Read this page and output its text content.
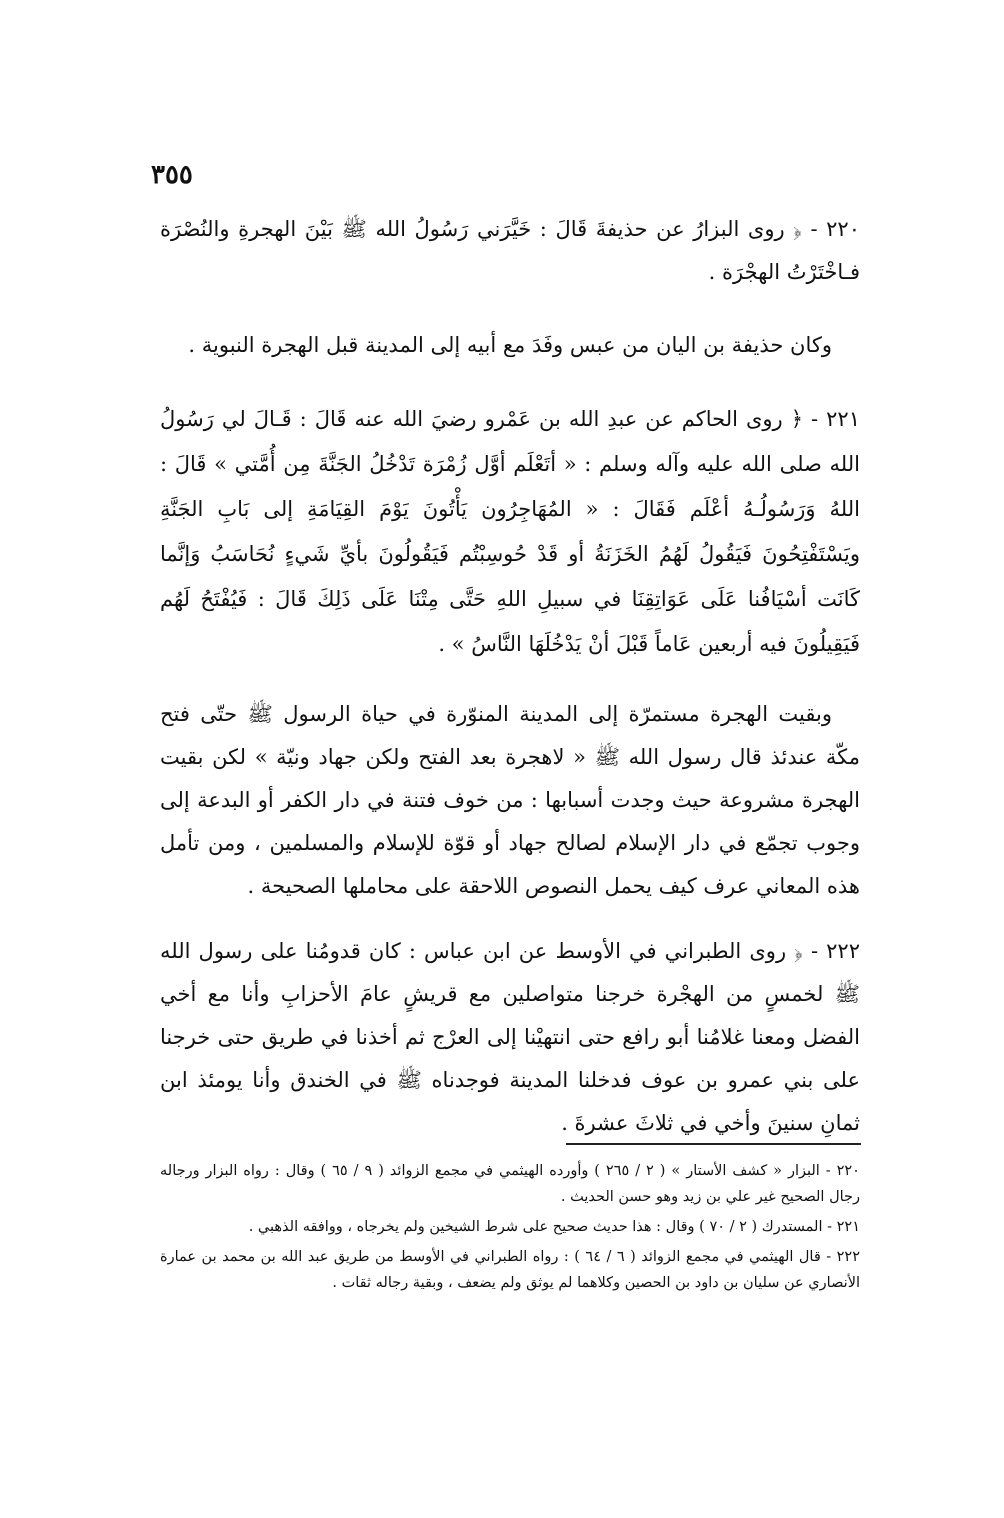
٣٥٥

٢٢٠ - ﴿ روى البزارُ عن حذيفةَ قَالَ : خَيَّرَني رَسُولُ الله ﷺ بَيْنَ الهجرةِ والنُصْرَة فـاخْتَرْتُ الهجْرَة .

وكان حذيفة بن اليان من عبس وفَدَ مع أبيه إلى المدينة قبل الهجرة النبوية .

٢٢١ - ﴿ روى الحاكم عن عبدِ الله بن عَمْرو رضيَ الله عنه قَالَ : قَـالَ لي رَسُولُ الله صلى الله عليه وآله وسلم : « أتَعْلَم أوَّل زُمْرَة تَدْخُلُ الجَنَّةَ مِن أُمَّتي » قَالَ : اللهُ وَرَسُولُـهُ أعْلَم فَقَالَ : « المُهَاجِرُون يَأْتُونَ يَوْمَ القِيَامَةِ إلى بَابِ الجَنَّةِ ويَسْتَفْتِحُونَ فَيَقُولُ لَهُمُ الخَزَنَةُ أو قَدْ حُوسِبْتُم فَيَقُولُونَ بأيِّ شَيءٍ نُحَاسَبُ وَإنَّما كَانَت أسْيَافُنا عَلَى عَوَاتِقِنَا في سبيلِ اللهِ حَتَّى مِتْنَا عَلَى ذَلِكَ قَالَ : فَيُفْتَحُ لَهُم فَيَقِيلُونَ فيه أربعين عَاماً قَبْلَ أنْ يَدْخُلَهَا النَّاسُ » .

وبقيت الهجرة مستمرّة إلى المدينة المنوّرة في حياة الرسول ﷺ حتّى فتح مكّة عندئذ قال رسول الله ﷺ « لاهجرة بعد الفتح ولكن جهاد ونيّة » لكن بقيت الهجرة مشروعة حيث وجدت أسبابها : من خوف فتنة في دار الكفر أو البدعة إلى وجوب تجمّع في دار الإسلام لصالح جهاد أو قوّة للإسلام والمسلمين ، ومن تأمل هذه المعاني عرف كيف يحمل النصوص اللاحقة على محاملها الصحيحة .

٢٢٢ - ﴿ روى الطبراني في الأوسط عن ابن عباس : كان قدومُنا على رسول الله ﷺ لخمسٍ من الهجْرة خرجنا متواصلين مع قريشٍ عامَ الأحزابِ وأنا مع أخي الفضل ومعنا غلامُنا أبو رافع حتى انتهيْنا إلى العرْج ثم أخذنا في طريق حتى خرجنا على بني عمرو بن عوف فدخلنا المدينة فوجدناه ﷺ في الخندق وأنا يومئذ ابن ثمانِ سنينَ وأخي في ثلاثَ عشرةَ .

٢٢٠ - البزار « كشف الأستار » ( ٢ / ٢٦٥ ) وأورده الهيثمي في مجمع الزوائد ( ٩ / ٦٥ ) وقال : رواه البزار ورجاله رجال الصحيح غير علي بن زيد وهو حسن الحديث .

٢٢١ - المستدرك ( ٢ / ٧٠ ) وقال : هذا حديث صحيح على شرط الشيخين ولم يخرجاه ، ووافقه الذهبي .

٢٢٢ - قال الهيثمي في مجمع الزوائد ( ٦ / ٦٤ ) : رواه الطبراني في الأوسط من طريق عبد الله بن محمد بن عمارة الأنصاري عن سليان بن داود بن الحصين وكلاهما لم يوثق ولم يضعف ، وبقية رجاله ثقات .
